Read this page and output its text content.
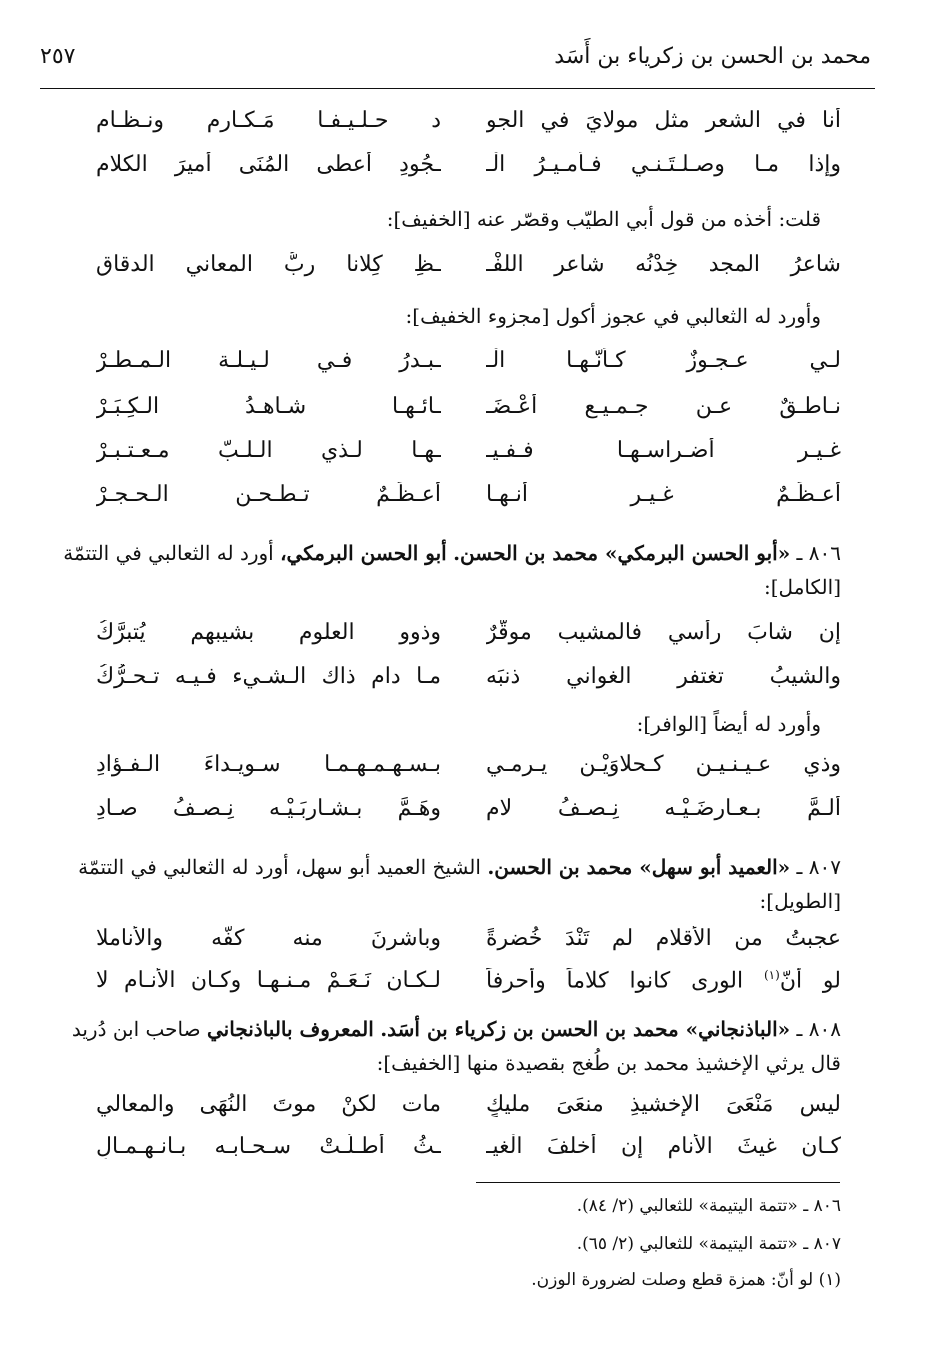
محمد بن الحسن بن زكرياء بن أَسَد
٢٥٧
أنا في الشعر مثل مولايَ في الجو
د حـلـيـفـا مَـكـارم ونـظـام
وإذا مـا وصـلـتَـنـي فـأمـيـرُ الْـ
ـجُودِ أعطى المُنَى أميرَ الكلام
قلت: أخذه من قول أبي الطيّب وقصّر عنه [الخفيف]:
شاعرُ المجد خِدْنُه شاعر اللفْـ
ـظِ كِلانا ربُّ المعاني الدقاقِ
وأورد له الثعالبي في عجوز أكول [مجزوء الخفيف]:
لـي عـجـوزٌ كـأنّـهـا الْـ
ـبـدرُ فـي لـيـلـة الـمـطـرْ
نـاطـقٌ عـن جـمـيـع أعْـضَـ
ـائـهـا شـاهـدُ الـكِـبَـرْ
غـيـر أضـراسـهـا فـفـيـ
ـهـا لـذي الـلـبّ مـعـتـبـرْ
أعـظَـمٌ غـيـر أنـهـا
أعـظَـمٌ تـطـحـن الـحـجـرْ
٨٠٦ ـ «أبو الحسن البرمكي» محمد بن الحسن. أبو الحسن البرمكي، أورد له الثعالبي في التتمّة [الكامل]:
إن شابَ رأسي فالمشيب موقَّرٌ
وذوو العلوم بشيبهم يُتبرَّكُ
والشيبُ تغتفر الغواني ذنبَه
مـا دام ذاك الـشـيء فـيـه تـحـرُّكُ
وأورد له أيضاً [الوافر]:
وذي عـيـنـيـن كـحلاوَيْـن يـرمـي
بـسـهـمـهـمـا سـويـداءَ الـفـؤادِ
ألـمَّ بـعـارضَـيْـه نِـصـفُ لامٍ
وهَـمَّ بـشـاربَـيْـه نِـصـفُ صـادِ
٨٠٧ ـ «العميد أبو سهل» محمد بن الحسن. الشيخ العميد أبو سهل، أورد له الثعالبي في التتمّة [الطويل]:
عجبتُ من الأقلام لم تَنْدَ خُضرةً
وباشرنَ منه كفَّه والأناملا
لو أنّ$^{(١)}$ الورى كانوا كلاماً وأحرفاً
لـكـان نَـعَـمْ مـنـهـا وكـان الأنـام لا
٨٠٨ ـ «الباذنجاني» محمد بن الحسن بن زكرياء بن أسَد. المعروف بالباذنجاني صاحب ابن دُريد قال يرثي الإخشيذ محمد بن طُغج بقصيدة منها [الخفيف]:
ليس مَنْعَىَ الإخشيذِ منعَىَ مليكٍ
مات لكنْ موتَ النُهَى والمعالي
كـان غيثَ الأنام إن أخلفَ الْغيـ
ـثُ أطـلَّـتْ سـحـابـه بـانـهـمـالِ
٨٠٦ ـ «تتمة اليتيمة» للثعالبي (٢/ ٨٤).
٨٠٧ ـ «تتمة اليتيمة» للثعالبي (٢/ ٦٥).
(١) لو أنّ: همزة قطع وصلت لضرورة الوزن.
